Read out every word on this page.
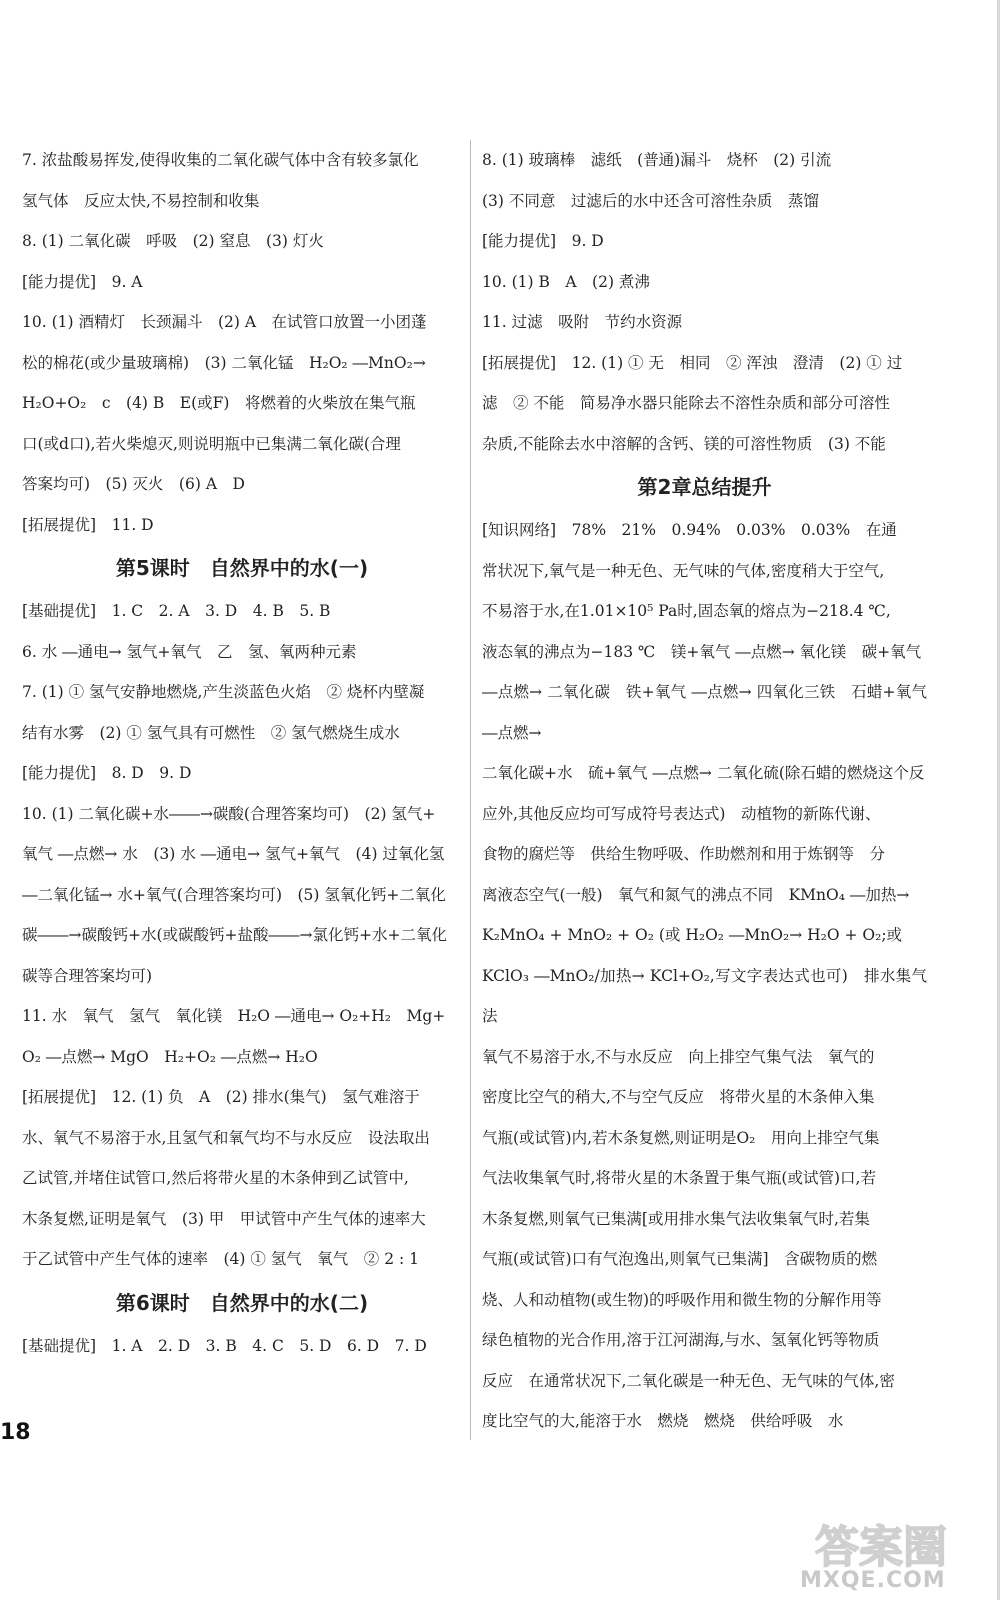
7. 浓盐酸易挥发,使得收集的二氧化碳气体中含有较多氯化

氢气体　反应太快,不易控制和收集

8. (1) 二氧化碳　呼吸　(2) 窒息　(3) 灯火

[能力提优]　9. A

10. (1) 酒精灯　长颈漏斗　(2) A　在试管口放置一小团蓬

松的棉花(或少量玻璃棉)　(3) 二氧化锰　H₂O₂ ―MnO₂→

H₂O+O₂　c　(4) B　E(或F)　将燃着的火柴放在集气瓶

口(或d口),若火柴熄灭,则说明瓶中已集满二氧化碳(合理

答案均可)　(5) 灭火　(6) A　D

[拓展提优]　11. D

第5课时　自然界中的水(一)

[基础提优]　1. C　2. A　3. D　4. B　5. B

6. 水 ―通电→ 氢气+氧气　乙　氢、氧两种元素

7. (1) ① 氢气安静地燃烧,产生淡蓝色火焰　② 烧杯内壁凝

结有水雾　(2) ① 氢气具有可燃性　② 氢气燃烧生成水

[能力提优]　8. D　9. D

10. (1) 二氧化碳+水――→碳酸(合理答案均可)　(2) 氢气+

氧气 ―点燃→ 水　(3) 水 ―通电→ 氢气+氧气　(4) 过氧化氢

―二氧化锰→ 水+氧气(合理答案均可)　(5) 氢氧化钙+二氧化

碳――→碳酸钙+水(或碳酸钙+盐酸――→氯化钙+水+二氧化

碳等合理答案均可)

11. 水　氧气　氢气　氧化镁　H₂O ―通电→ O₂+H₂　Mg+

O₂ ―点燃→ MgO　H₂+O₂ ―点燃→ H₂O

[拓展提优]　12. (1) 负　A　(2) 排水(集气)　氢气难溶于

水、氧气不易溶于水,且氢气和氧气均不与水反应　设法取出

乙试管,并堵住试管口,然后将带火星的木条伸到乙试管中,

木条复燃,证明是氧气　(3) 甲　甲试管中产生气体的速率大

于乙试管中产生气体的速率　(4) ① 氢气　氧气　② 2 : 1

第6课时　自然界中的水(二)

[基础提优]　1. A　2. D　3. B　4. C　5. D　6. D　7. D

8. (1) 玻璃棒　滤纸　(普通)漏斗　烧杯　(2) 引流

(3) 不同意　过滤后的水中还含可溶性杂质　蒸馏

[能力提优]　9. D

10. (1) B　A　(2) 煮沸

11. 过滤　吸附　节约水资源

[拓展提优]　12. (1) ① 无　相同　② 浑浊　澄清　(2) ① 过

滤　② 不能　简易净水器只能除去不溶性杂质和部分可溶性

杂质,不能除去水中溶解的含钙、镁的可溶性物质　(3) 不能

第2章总结提升

[知识网络]　78%　21%　0.94%　0.03%　0.03%　在通

常状况下,氧气是一种无色、无气味的气体,密度稍大于空气,

不易溶于水,在1.01×10⁵ Pa时,固态氧的熔点为−218.4 ℃,

液态氧的沸点为−183 ℃　镁+氧气 ―点燃→ 氧化镁　碳+氧气

―点燃→ 二氧化碳　铁+氧气 ―点燃→ 四氧化三铁　石蜡+氧气 ―点燃→

二氧化碳+水　硫+氧气 ―点燃→ 二氧化硫(除石蜡的燃烧这个反

应外,其他反应均可写成符号表达式)　动植物的新陈代谢、

食物的腐烂等　供给生物呼吸、作助燃剂和用于炼钢等　分

离液态空气(一般)　氧气和氮气的沸点不同　KMnO₄ ―加热→

K₂MnO₄ + MnO₂ + O₂ (或 H₂O₂ ―MnO₂→ H₂O + O₂;或

KClO₃ ―MnO₂/加热→ KCl+O₂,写文字表达式也可)　排水集气法

氧气不易溶于水,不与水反应　向上排空气集气法　氧气的

密度比空气的稍大,不与空气反应　将带火星的木条伸入集

气瓶(或试管)内,若木条复燃,则证明是O₂　用向上排空气集

气法收集氧气时,将带火星的木条置于集气瓶(或试管)口,若

木条复燃,则氧气已集满[或用排水集气法收集氧气时,若集

气瓶(或试管)口有气泡逸出,则氧气已集满]　含碳物质的燃

烧、人和动植物(或生物)的呼吸作用和微生物的分解作用等

绿色植物的光合作用,溶于江河湖海,与水、氢氧化钙等物质

反应　在通常状况下,二氧化碳是一种无色、无气味的气体,密

度比空气的大,能溶于水　燃烧　燃烧　供给呼吸　水

18
答案圈
MXQE.COM
